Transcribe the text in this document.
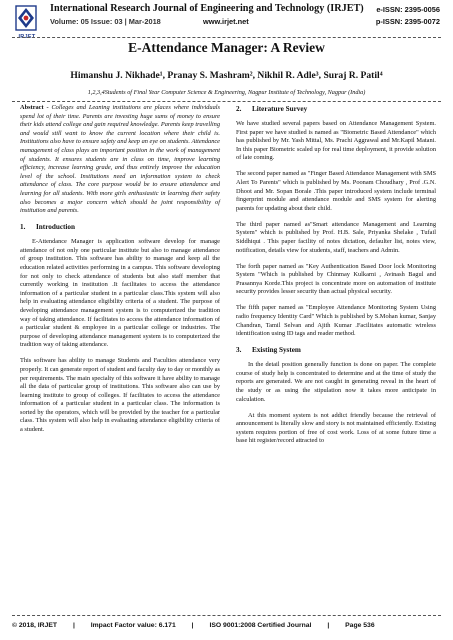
IRJET
International Research Journal of Engineering and Technology (IRJET)
Volume: 05 Issue: 03 | Mar-2018	www.irjet.net
e-ISSN: 2395-0056
p-ISSN: 2395-0072
E-Attendance Manager: A Review
Himanshu J. Nikhade¹, Pranay S. Mashram², Nikhil R. Adle³, Suraj R. Patil⁴
1,2,3,4Students of Final Year Computer Science & Engineering, Nagpur Institute of Technology, Nagpur (India)

Abstract - Colleges and Leaning institutions are places where individuals spend lot of their time. Parents are investing huge sums of money to ensure their kids attend college and gain required knowledge. Parents keep travelling and would still want to know the current location where their child is. Institutions also have to ensure safety and keep an eye on students. Attendance management of class plays an important position in the work of management of students. It ensures students are in class on time, improve learning efficiency, increase learning grade, and thus entirely improve the education level of the school. Institutions need an information system to check attendance of class. The core purpose would be to ensure attendance and learning for all students. With more girls enthusiastic in learning their safety also becomes a major concern which should be joint responsibility of institution and parents.

1. Introduction

E-Attendance Manager is application software develop for manage attendance of not only one particular institute but also to manage attendance of group institution. This software has ability to manage and keep all the education related activities performing in a campus. This software developing for not only to check attendance of students but also staff member that currently working in institution .It facilitates to access the attendance information of a particular student in a particular class.This system will also help in evaluating attendance eligibility criteria of a student. The purpose of developing attendance management system is to computerized the tradition way of taking attendance. If facilitates to access the attendance information of a particular student & employee in a particular college or industries. The purpose of developing attendance management system is to computerized the tradition way of taking attendance.

This software has ability to manage Students and Faculties attendance very properly. It can generate report of student and faculty day to day or monthly as per requirements. The main specialty of this software it have ability to manage all the data of particular group of institutions. This software also can use by learning institute to group of colleges. If facilitates to access the attendance information of a particular student in a particular class. The information is sorted by the operators, which will be provided by the teacher for a particular class. This system will also help in evaluating attendance eligibility criteria of a student.

2. Literature Survey

We have studied several papers based on Attendance Management System. First paper we have studied is named as "Biometric Based Attendance" which has published by Mr. Yash Mittal, Ms. Prachi Aggrawal and Mr.Kapil Matani. In this paper Biometric scaled up for real time deployment, it provide solution of late coming.

The second paper named as "Finger Based Attendance Management with SMS Alert To Parents" which is published by Ms. Poonam Choudhary , Prof .G.N. Dhoot and Mr. Sopan Borale .This paper introduced system include terminal fingerprint module and attendance module and SMS system for alerting parents for updating about their child.

The third paper named as"Smart attendance Management and Learning System" which is published by Prof. H.B. Sale, Priyanka Shelake , Tufail Siddhiqui . This paper facility of notes dictation, defaulter list, notes view, notification, details view for students, staff, teachers and Admin.

The forth paper named as "Key Authentication Based Door lock Monitoring System "Which is published by Chinmay Kulkarni , Avinash Bagul and Prasannya Korde.This project is concentrate more on automation of institute security provides lesser security than actual physical security.

The fifth paper named as "Employee Attendance Monitoring System Using radio frequency Identity Card" Which is published by S.Mohan kumar, Sanjay Chandran, Tamil Selvan and Ajith Kumar .Facilitates automatic wireless identification using ID tags and reader method.

3. Existing System

In the detail position generally function is done on paper. The complete course of study help is concentrated to determine and at the time of study the reports are generated. We are not caught in generating reveal in the heart of the study or as using the stipulation now it takes more anticipate in calculation.

At this moment system is not addict friendly because the retrieval of announcement is literally slow and story is not maintained efficiently. Existing system requires portion of free of cost work. Loss of at some future time a base hit register/record attracted to

© 2018, IRJET | Impact Factor value: 6.171 | ISO 9001:2008 Certified Journal | Page 536
